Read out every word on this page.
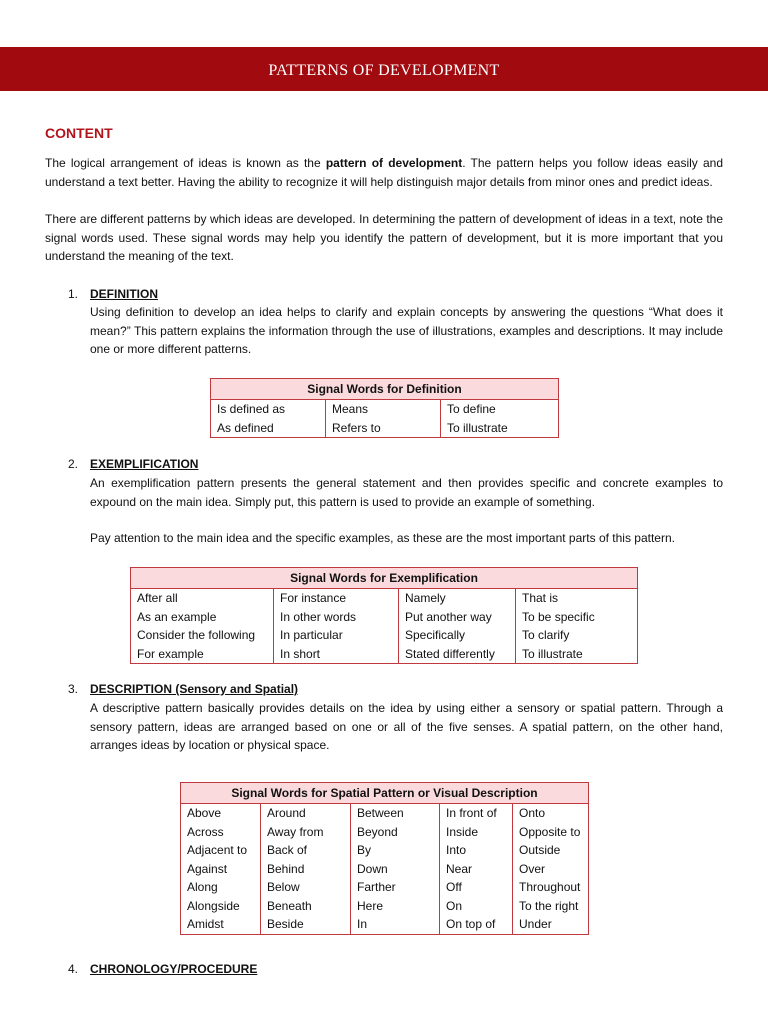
PATTERNS OF DEVELOPMENT
CONTENT
The logical arrangement of ideas is known as the pattern of development. The pattern helps you follow ideas easily and understand a text better. Having the ability to recognize it will help distinguish major details from minor ones and predict ideas.
There are different patterns by which ideas are developed. In determining the pattern of development of ideas in a text, note the signal words used. These signal words may help you identify the pattern of development, but it is more important that you understand the meaning of the text.
1. DEFINITION
Using definition to develop an idea helps to clarify and explain concepts by answering the questions “What does it mean?” This pattern explains the information through the use of illustrations, examples and descriptions. It may include one or more different patterns.
Signal Words for Definition		
Is defined as	Means	To define
As defined	Refers to	To illustrate
2. EXEMPLIFICATION
An exemplification pattern presents the general statement and then provides specific and concrete examples to expound on the main idea. Simply put, this pattern is used to provide an example of something.
Pay attention to the main idea and the specific examples, as these are the most important parts of this pattern.
Signal Words for Exemplification			
After all	For instance	Namely	That is
As an example	In other words	Put another way	To be specific
Consider the following	In particular	Specifically	To clarify
For example	In short	Stated differently	To illustrate
3. DESCRIPTION (Sensory and Spatial)
A descriptive pattern basically provides details on the idea by using either a sensory or spatial pattern. Through a sensory pattern, ideas are arranged based on one or all of the five senses. A spatial pattern, on the other hand, arranges ideas by location or physical space.
Signal Words for Spatial Pattern or Visual Description				
Above	Around	Between	In front of	Onto
Across	Away from	Beyond	Inside	Opposite to
Adjacent to	Back of	By	Into	Outside
Against	Behind	Down	Near	Over
Along	Below	Farther	Off	Throughout
Alongside	Beneath	Here	On	To the right
Amidst	Beside	In	On top of	Under
4. CHRONOLOGY/PROCEDURE
